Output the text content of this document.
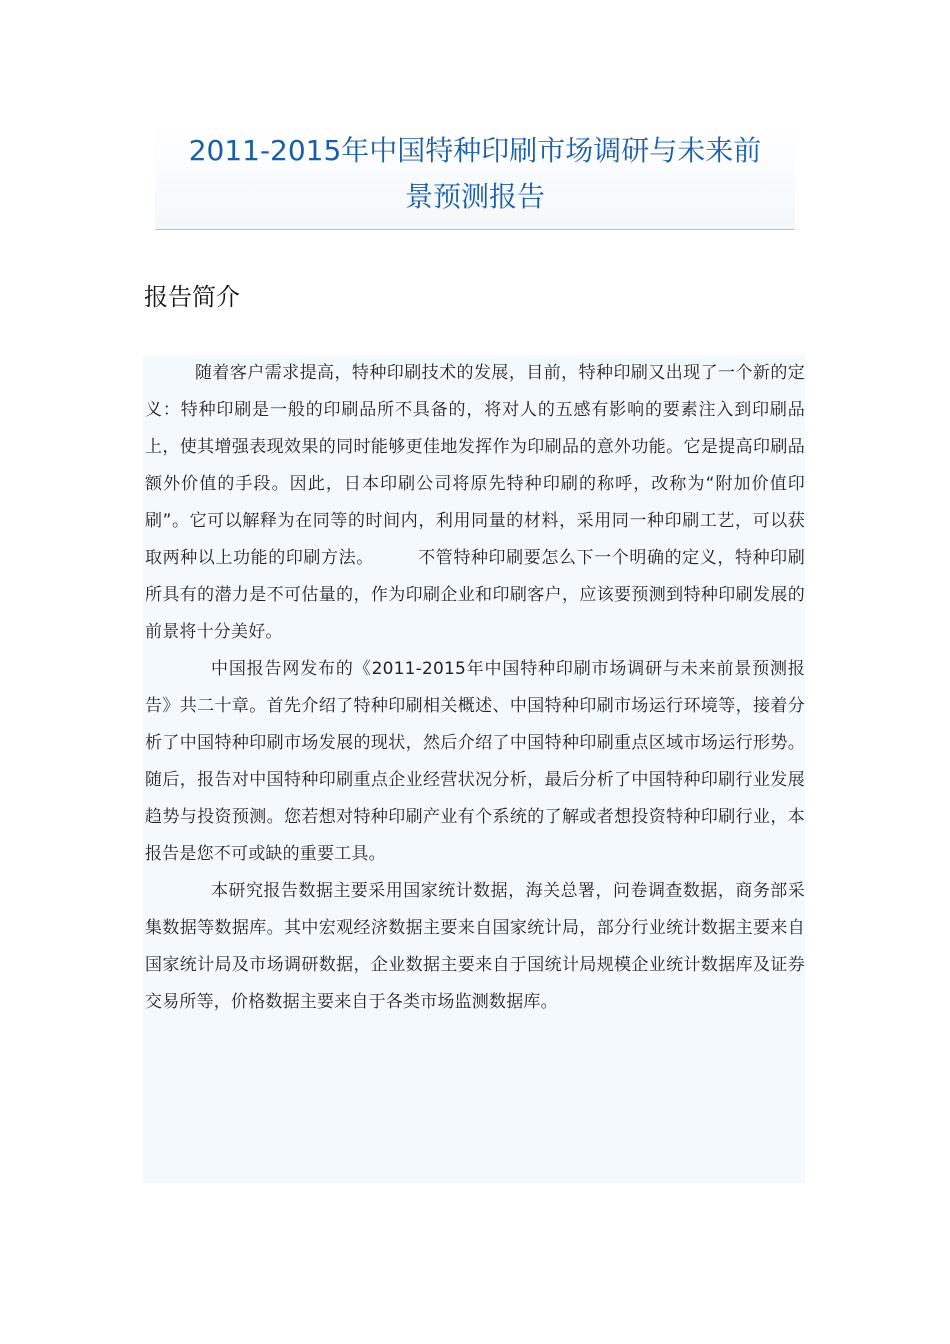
2011-2015年中国特种印刷市场调研与未来前
景预测报告
报告简介

随着客户需求提高，特种印刷技术的发展，目前，特种印刷又出现了一个新的定义：特种印刷是一般的印刷品所不具备的，将对人的五感有影响的要素注入到印刷品上，使其增强表现效果的同时能够更佳地发挥作为印刷品的意外功能。它是提高印刷品额外价值的手段。因此，日本印刷公司将原先特种印刷的称呼，改称为“附加价值印刷”。它可以解释为在同等的时间内，利用同量的材料，采用同一种印刷工艺，可以获取两种以上功能的印刷方法。　　　不管特种印刷要怎么下一个明确的定义，特种印刷所具有的潜力是不可估量的，作为印刷企业和印刷客户，应该要预测到特种印刷发展的前景将十分美好。

中国报告网发布的《2011-2015年中国特种印刷市场调研与未来前景预测报告》共二十章。首先介绍了特种印刷相关概述、中国特种印刷市场运行环境等，接着分析了中国特种印刷市场发展的现状，然后介绍了中国特种印刷重点区域市场运行形势。随后，报告对中国特种印刷重点企业经营状况分析，最后分析了中国特种印刷行业发展趋势与投资预测。您若想对特种印刷产业有个系统的了解或者想投资特种印刷行业，本报告是您不可或缺的重要工具。

本研究报告数据主要采用国家统计数据，海关总署，问卷调查数据，商务部采集数据等数据库。其中宏观经济数据主要来自国家统计局，部分行业统计数据主要来自国家统计局及市场调研数据，企业数据主要来自于国统计局规模企业统计数据库及证券交易所等，价格数据主要来自于各类市场监测数据库。
